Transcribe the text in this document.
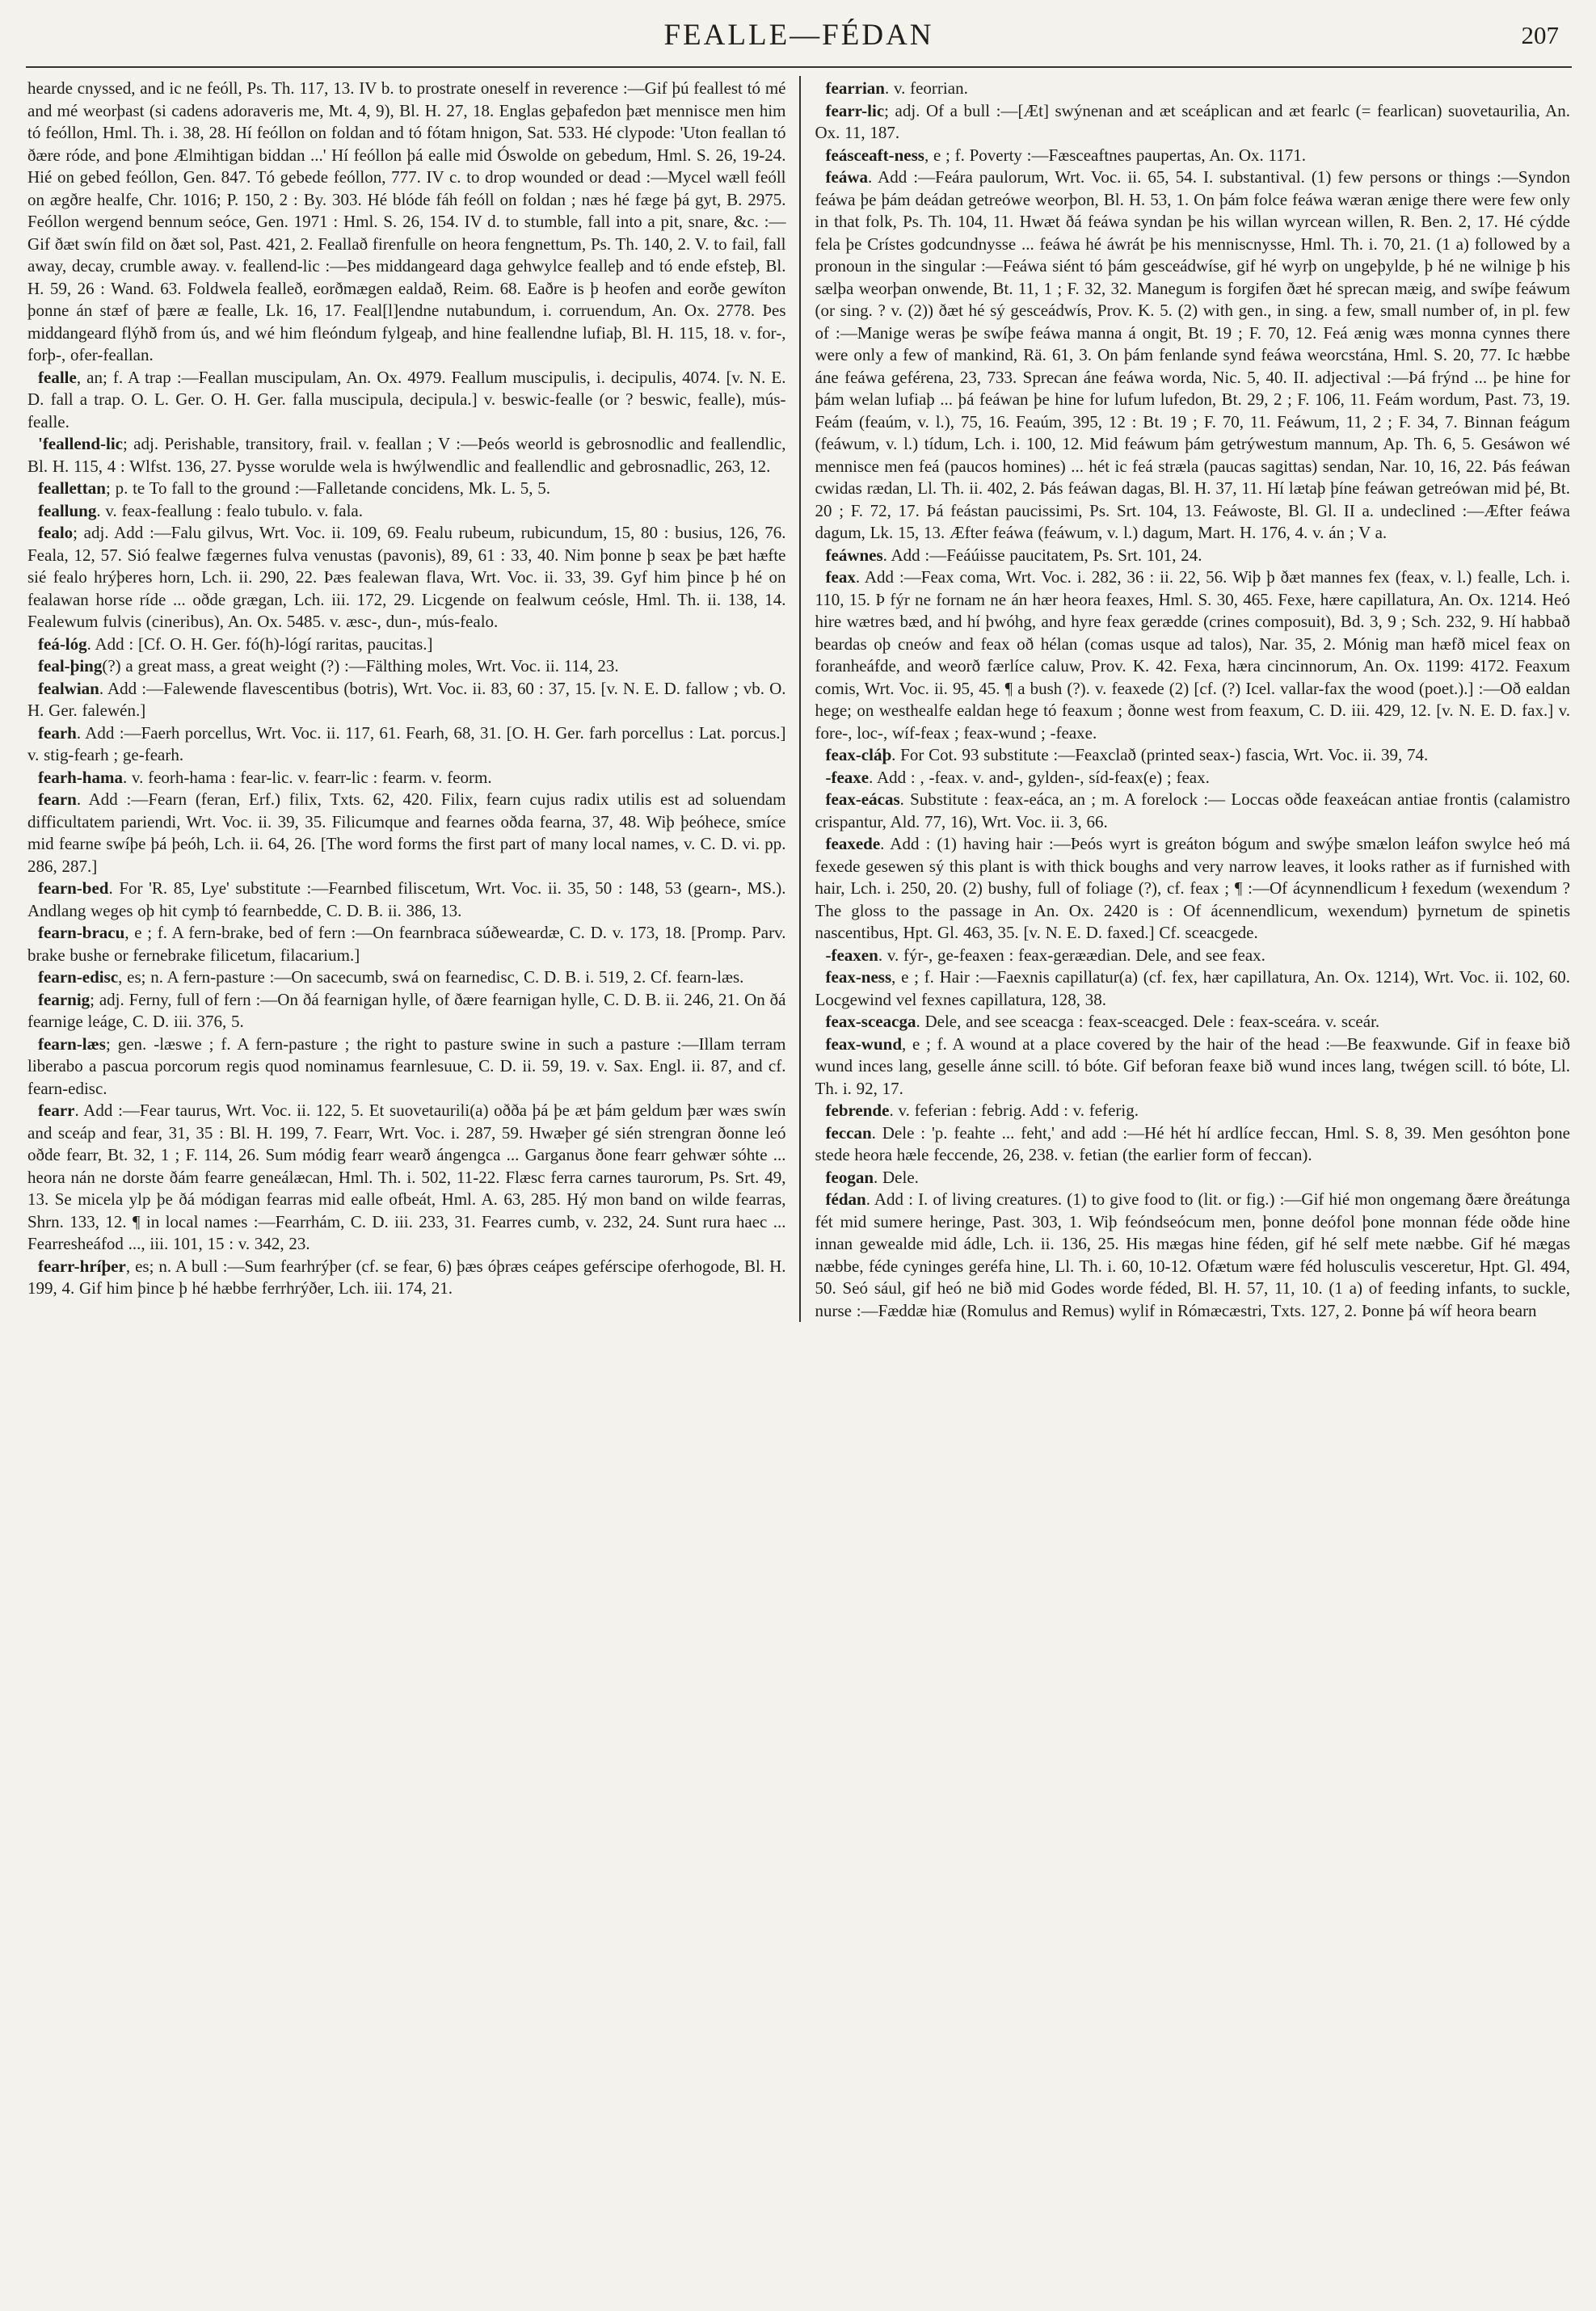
FEALLE—FÉDAN	207

hearde cnyssed, and ic ne feóll, Ps. Th. 117, 13. IV b. to prostrate oneself in reverence :—Gif þú feallest tó mé and mé weorþast (si cadens adoraveris me, Mt. 4, 9), Bl. H. 27, 18. Englas geþafedon þæt mennisce men him tó feóllon, Hml. Th. i. 38, 28. Hí feóllon on foldan and tó fótam hnigon, Sat. 533. Hé clypode: 'Uton feallan tó ðære róde, and þone Ælmihtigan biddan ...' Hí feóllon þá ealle mid Óswolde on gebedum, Hml. S. 26, 19-24. Hié on gebed feóllon, Gen. 847. Tó gebede feóllon, 777. IV c. to drop wounded or dead :—Mycel wæll feóll on ægðre healfe, Chr. 1016; P. 150, 2 : By. 303. Hé blóde fáh feóll on foldan ; næs hé fæge þá gyt, B. 2975. Feóllon wergend bennum seóce, Gen. 1971 : Hml. S. 26, 154. IV d. to stumble, fall into a pit, snare, &c. :—Gif ðæt swín fild on ðæt sol, Past. 421, 2. Feallað firenfulle on heora fengnettum, Ps. Th. 140, 2. V. to fail, fall away, decay, crumble away. v. feallend-lic :—Þes middangeard daga gehwylce fealleþ and tó ende efsteþ, Bl. H. 59, 26 : Wand. 63. Foldwela fealleð, eorðmægen ealdað, Reim. 68. Eaðre is þ heofen and eorðe gewíton þonne án stæf of þære æ fealle, Lk. 16, 17. Feal[l]endne nutabundum, i. corruendum, An. Ox. 2778. Þes middangeard flýhð from ús, and wé him fleóndum fylgeaþ, and hine feallendne lufiaþ, Bl. H. 115, 18. v. for-, forþ-, ofer-feallan.

fealle, an; f. A trap :—Feallan muscipulam, An. Ox. 4979. Feallum muscipulis, i. decipulis, 4074. [v. N. E. D. fall a trap. O. L. Ger. O. H. Ger. falla muscipula, decipula.] v. beswic-fealle (or ? beswic, fealle), mús-fealle.

'feallend-lic; adj. Perishable, transitory, frail. v. feallan ; V :—Þeós weorld is gebrosnodlic and feallendlic, Bl. H. 115, 4 : Wlfst. 136, 27. Þysse worulde wela is hwýlwendlic and feallendlic and gebrosnadlic, 263, 12.

feallettan; p. te To fall to the ground :—Falletande concidens, Mk. L. 5, 5.

feallung. v. feax-feallung : fealo tubulo. v. fala.

fealo; adj. Add :—Falu gilvus, Wrt. Voc. ii. 109, 69. Fealu rubeum, rubicundum, 15, 80 : busius, 126, 76. Feala, 12, 57. Sió fealwe fægernes fulva venustas (pavonis), 89, 61 : 33, 40. Nim þonne þ seax þe þæt hæfte sié fealo hrýþeres horn, Lch. ii. 290, 22. Þæs fealewan flava, Wrt. Voc. ii. 33, 39. Gyf him þince þ hé on fealawan horse ríde ... oðde grægan, Lch. iii. 172, 29. Licgende on fealwum ceósle, Hml. Th. ii. 138, 14. Fealewum fulvis (cineribus), An. Ox. 5485. v. æsc-, dun-, mús-fealo.

feá-lóg. Add : [Cf. O. H. Ger. fó(h)-lógí raritas, paucitas.]

feal-þing(?) a great mass, a great weight (?) :—Fälthing moles, Wrt. Voc. ii. 114, 23.

fealwian. Add :—Falewende flavescentibus (botris), Wrt. Voc. ii. 83, 60 : 37, 15. [v. N. E. D. fallow ; vb. O. H. Ger. falewén.]

fearh. Add :—Faerh porcellus, Wrt. Voc. ii. 117, 61. Fearh, 68, 31. [O. H. Ger. farh porcellus : Lat. porcus.] v. stig-fearh ; ge-fearh.

fearh-hama. v. feorh-hama : fear-lic. v. fearr-lic : fearm. v. feorm.

fearn. Add :—Fearn (feran, Erf.) filix, Txts. 62, 420. Filix, fearn cujus radix utilis est ad soluendam difficultatem pariendi, Wrt. Voc. ii. 39, 35. Filicumque and fearnes oðda fearna, 37, 48. Wiþ þeóhece, smíce mid fearne swíþe þá þeóh, Lch. ii. 64, 26. [The word forms the first part of many local names, v. C. D. vi. pp. 286, 287.]

fearn-bed. For 'R. 85, Lye' substitute :—Fearnbed filiscetum, Wrt. Voc. ii. 35, 50 : 148, 53 (gearn-, MS.). Andlang weges oþ hit cymþ tó fearnbedde, C. D. B. ii. 386, 13.

fearn-bracu, e ; f. A fern-brake, bed of fern :—On fearnbraca súðeweardæ, C. D. v. 173, 18. [Promp. Parv. brake bushe or fernebrake filicetum, filacarium.]

fearn-edisc, es; n. A fern-pasture :—On sacecumb, swá on fearnedisc, C. D. B. i. 519, 2. Cf. fearn-læs.

fearnig; adj. Ferny, full of fern :—On ðá fearnigan hylle, of ðære fearnigan hylle, C. D. B. ii. 246, 21. On ðá fearnige leáge, C. D. iii. 376, 5.

fearn-læs; gen. -læswe ; f. A fern-pasture ; the right to pasture swine in such a pasture :—Illam terram liberabo a pascua porcorum regis quod nominamus fearnlesuue, C. D. ii. 59, 19. v. Sax. Engl. ii. 87, and cf. fearn-edisc.

fearr. Add :—Fear taurus, Wrt. Voc. ii. 122, 5. Et suovetaurili(a) oðða þá þe æt þám geldum þær wæs swín and sceáp and fear, 31, 35 : Bl. H. 199, 7. Fearr, Wrt. Voc. i. 287, 59. Hwæþer gé sién strengran ðonne leó oðde fearr, Bt. 32, 1 ; F. 114, 26. Sum módig fearr wearð ángengca ... Garganus ðone fearr gehwær sóhte ... heora nán ne dorste ðám fearre geneálæcan, Hml. Th. i. 502, 11-22. Flæsc ferra carnes taurorum, Ps. Srt. 49, 13. Se micela ylp þe ðá módigan fearras mid ealle ofbeát, Hml. A. 63, 285. Hý mon band on wilde fearras, Shrn. 133, 12. ¶ in local names :—Fearrhám, C. D. iii. 233, 31. Fearres cumb, v. 232, 24. Sunt rura haec ... Fearresheáfod ..., iii. 101, 15 : v. 342, 23.

fearr-hríþer, es; n. A bull :—Sum fearhrýþer (cf. se fear, 6) þæs óþræs ceápes geférscipe oferhogode, Bl. H. 199, 4. Gif him þince þ hé hæbbe ferrhrýðer, Lch. iii. 174, 21.

fearrian. v. feorrian.

fearr-lic; adj. Of a bull :—[Æt] swýnenan and æt sceáplican and æt fearlc (= fearlican) suovetaurilia, An. Ox. 11, 187.

feásceaft-ness, e ; f. Poverty :—Fæsceaftnes paupertas, An. Ox. 1171.

feáwa. Add :—Feára paulorum, Wrt. Voc. ii. 65, 54. I. substantival. (1) few persons or things :—Syndon feáwa þe þám deádan getreówe weorþon, Bl. H. 53, 1. On þám folce feáwa wæran ænige there were few only in that folk, Ps. Th. 104, 11. Hwæt ðá feáwa syndan þe his willan wyrcean willen, R. Ben. 2, 17. Hé cýdde fela þe Crístes godcundnysse ... feáwa hé áwrát þe his menniscnysse, Hml. Th. i. 70, 21. (1 a) followed by a pronoun in the singular :—Feáwa siént tó þám gesceádwíse, gif hé wyrþ on ungeþylde, þ hé ne wilnige þ his sælþa weorþan onwende, Bt. 11, 1 ; F. 32, 32. Manegum is forgifen ðæt hé sprecan mæig, and swíþe feáwum (or sing. ? v. (2)) ðæt hé sý gesceádwís, Prov. K. 5. (2) with gen., in sing. a few, small number of, in pl. few of :—Manige weras þe swíþe feáwa manna á ongit, Bt. 19 ; F. 70, 12. Feá ænig wæs monna cynnes there were only a few of mankind, Rä. 61, 3. On þám fenlande synd feáwa weorcstána, Hml. S. 20, 77. Ic hæbbe áne feáwa geférena, 23, 733. Sprecan áne feáwa worda, Nic. 5, 40. II. adjectival :—Þá frýnd ... þe hine for þám welan lufiaþ ... þá feáwan þe hine for lufum lufedon, Bt. 29, 2 ; F. 106, 11. Feám wordum, Past. 73, 19. Feám (feaúm, v. l.), 75, 16. Feaúm, 395, 12 : Bt. 19 ; F. 70, 11. Feáwum, 11, 2 ; F. 34, 7. Binnan feágum (feáwum, v. l.) tídum, Lch. i. 100, 12. Mid feáwum þám getrýwestum mannum, Ap. Th. 6, 5. Gesáwon wé mennisce men feá (paucos homines) ... hét ic feá stræla (paucas sagittas) sendan, Nar. 10, 16, 22. Þás feáwan cwidas rædan, Ll. Th. ii. 402, 2. Þás feáwan dagas, Bl. H. 37, 11. Hí lætaþ þíne feáwan getreówan mid þé, Bt. 20 ; F. 72, 17. Þá feástan paucissimi, Ps. Srt. 104, 13. Feáwoste, Bl. Gl. II a. undeclined :—Æfter feáwa dagum, Lk. 15, 13. Æfter feáwa (feáwum, v. l.) dagum, Mart. H. 176, 4. v. án ; V a.

feáwnes. Add :—Feáúisse paucitatem, Ps. Srt. 101, 24.

feax. Add :—Feax coma, Wrt. Voc. i. 282, 36 : ii. 22, 56. Wiþ þ ðæt mannes fex (feax, v. l.) fealle, Lch. i. 110, 15. Þ fýr ne fornam ne án hær heora feaxes, Hml. S. 30, 465. Fexe, hære capillatura, An. Ox. 1214. Heó hire wætres bæd, and hí þwóhg, and hyre feax gerædde (crines composuit), Bd. 3, 9 ; Sch. 232, 9. Hí habbað beardas oþ cneów and feax oð hélan (comas usque ad talos), Nar. 35, 2. Mónig man hæfð micel feax on foranheáfde, and weorð færlíce caluw, Prov. K. 42. Fexa, hæra cincinnorum, An. Ox. 1199: 4172. Feaxum comis, Wrt. Voc. ii. 95, 45. ¶ a bush (?). v. feaxede (2) [cf. (?) Icel. vallar-fax the wood (poet.).] :—Oð ealdan hege; on westhealfe ealdan hege tó feaxum ; ðonne west from feaxum, C. D. iii. 429, 12. [v. N. E. D. fax.] v. fore-, loc-, wíf-feax ; feax-wund ; -feaxe.

feax-cláþ. For Cot. 93 substitute :—Feaxclað (printed seax-) fascia, Wrt. Voc. ii. 39, 74.

-feaxe. Add : , -feax. v. and-, gylden-, síd-feax(e) ; feax.

feax-eácas. Substitute : feax-eáca, an ; m. A forelock :— Loccas oðde feaxeácan antiae frontis (calamistro crispantur, Ald. 77, 16), Wrt. Voc. ii. 3, 66.

feaxede. Add : (1) having hair :—Þeós wyrt is greáton bógum and swýþe smælon leáfon swylce heó má fexede gesewen sý this plant is with thick boughs and very narrow leaves, it looks rather as if furnished with hair, Lch. i. 250, 20. (2) bushy, full of foliage (?), cf. feax ; ¶ :—Of ácynnendlicum ł fexedum (wexendum ? The gloss to the passage in An. Ox. 2420 is : Of ácennendlicum, wexendum) þyrnetum de spinetis nascentibus, Hpt. Gl. 463, 35. [v. N. E. D. faxed.] Cf. sceacgede.

-feaxen. v. fýr-, ge-feaxen : feax-geræædian. Dele, and see feax.

feax-ness, e ; f. Hair :—Faexnis capillatur(a) (cf. fex, hær capillatura, An. Ox. 1214), Wrt. Voc. ii. 102, 60. Locgewind vel fexnes capillatura, 128, 38.

feax-sceacga. Dele, and see sceacga : feax-sceacged. Dele : feax-sceára. v. sceár.

feax-wund, e ; f. A wound at a place covered by the hair of the head :—Be feaxwunde. Gif in feaxe bið wund inces lang, geselle ánne scill. tó bóte. Gif beforan feaxe bið wund inces lang, twégen scill. tó bóte, Ll. Th. i. 92, 17.

febrende. v. feferian : febrig. Add : v. feferig.

feccan. Dele : 'p. feahte ... feht,' and add :—Hé hét hí ardlíce feccan, Hml. S. 8, 39. Men gesóhton þone stede heora hæle feccende, 26, 238. v. fetian (the earlier form of feccan).

feogan. Dele.

fédan. Add : I. of living creatures. (1) to give food to (lit. or fig.) :—Gif hié mon ongemang ðære ðreátunga fét mid sumere heringe, Past. 303, 1. Wiþ feóndseócum men, þonne deófol þone monnan féde oðde hine innan gewealde mid ádle, Lch. ii. 136, 25. His mægas hine féden, gif hé self mete næbbe. Gif hé mægas næbbe, féde cyninges geréfa hine, Ll. Th. i. 60, 10-12. Ofætum wære féd holusculis vesceretur, Hpt. Gl. 494, 50. Seó sául, gif heó ne bið mid Godes worde féded, Bl. H. 57, 11, 10. (1 a) of feeding infants, to suckle, nurse :—Fæddæ hiæ (Romulus and Remus) wylif in Rómæcæstri, Txts. 127, 2. Þonne þá wíf heora bearn
